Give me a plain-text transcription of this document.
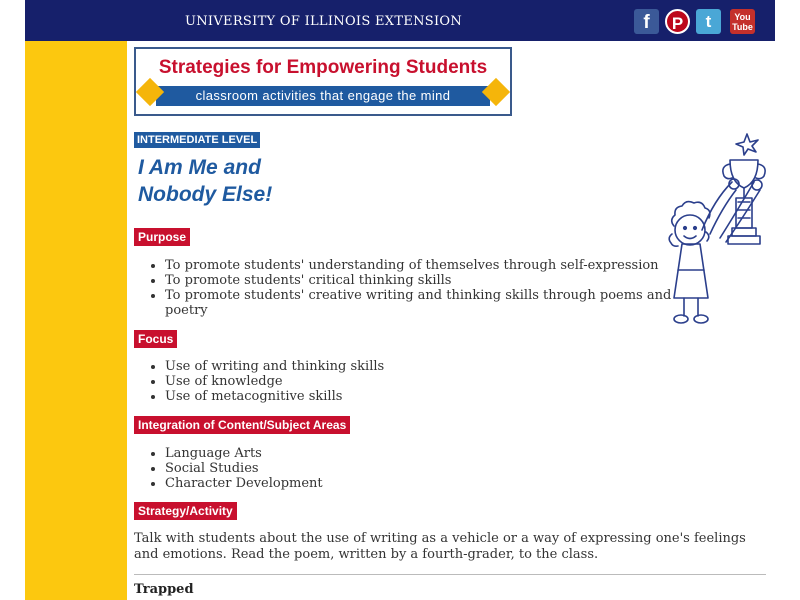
UNIVERSITY OF ILLINOIS EXTENSION	f	P	t	You
Tube
Strategies for Empowering Students
classroom activities that engage the mind
INTERMEDIATE LEVEL
I Am Me and
Nobody Else!
Purpose
• To promote students' understanding of themselves through self-expression
• To promote students' critical thinking skills
• To promote students' creative writing and thinking skills through poems and poetry
Focus
• Use of writing and thinking skills
• Use of knowledge
• Use of metacognitive skills
Integration of Content/Subject Areas
• Language Arts
• Social Studies
• Character Development
Strategy/Activity

Talk with students about the use of writing as a vehicle or a way of expressing one's feelings and emotions. Read the poem, written by a fourth-grader, to the class.

Trapped
